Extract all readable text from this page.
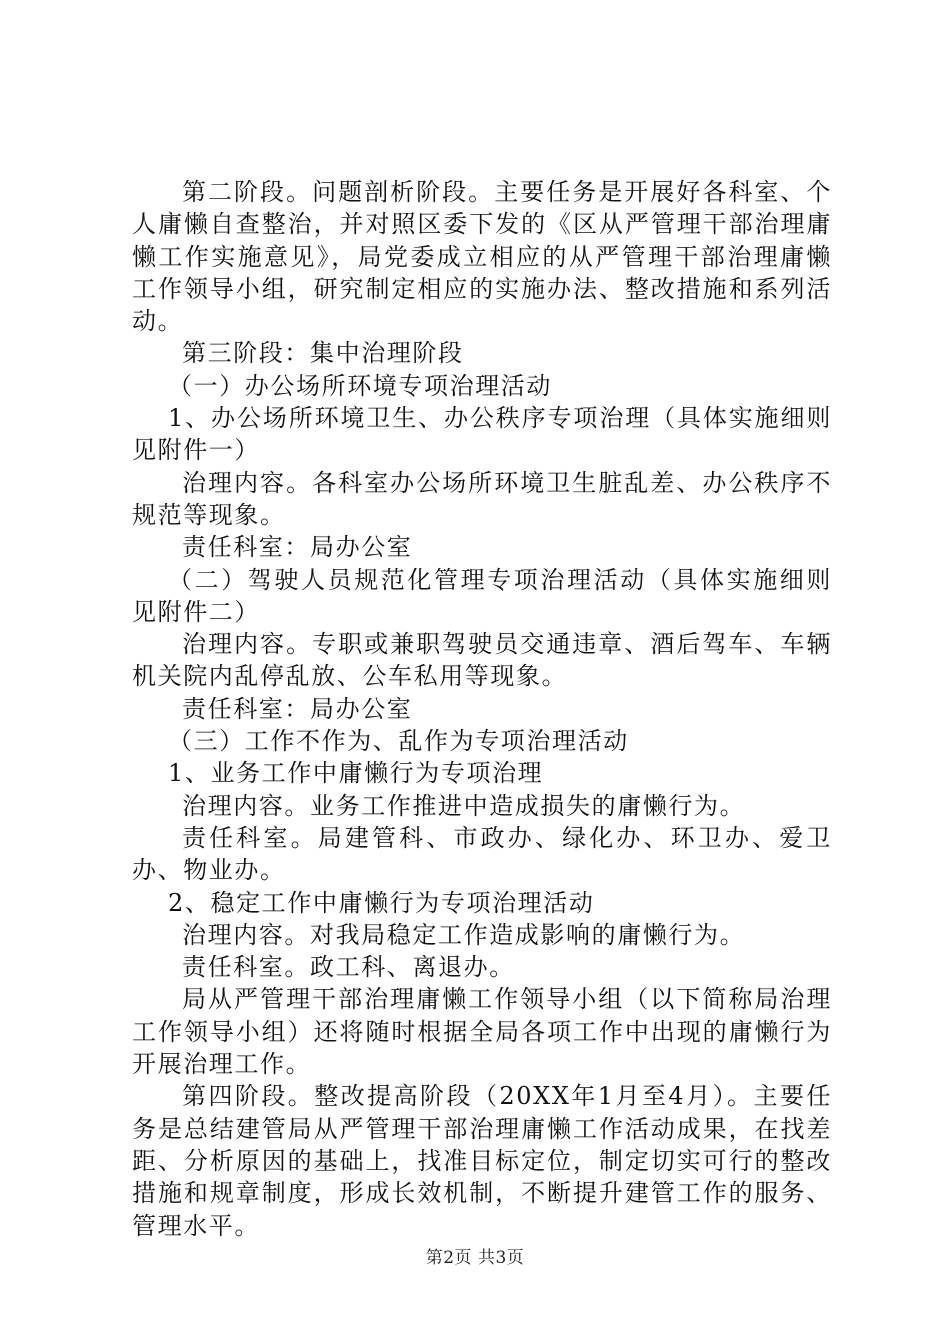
第二阶段。问题剖析阶段。主要任务是开展好各科室、个人庸懒自查整治，并对照区委下发的《区从严管理干部治理庸懒工作实施意见》，局党委成立相应的从严管理干部治理庸懒工作领导小组，研究制定相应的实施办法、整改措施和系列活动。

第三阶段：集中治理阶段

（一）办公场所环境专项治理活动

1、办公场所环境卫生、办公秩序专项治理（具体实施细则见附件一）

治理内容。各科室办公场所环境卫生脏乱差、办公秩序不规范等现象。

责任科室：局办公室

（二）驾驶人员规范化管理专项治理活动（具体实施细则见附件二）

治理内容。专职或兼职驾驶员交通违章、酒后驾车、车辆机关院内乱停乱放、公车私用等现象。

责任科室：局办公室

（三）工作不作为、乱作为专项治理活动

1、业务工作中庸懒行为专项治理

治理内容。业务工作推进中造成损失的庸懒行为。

责任科室。局建管科、市政办、绿化办、环卫办、爱卫办、物业办。

2、稳定工作中庸懒行为专项治理活动

治理内容。对我局稳定工作造成影响的庸懒行为。

责任科室。政工科、离退办。

局从严管理干部治理庸懒工作领导小组（以下简称局治理工作领导小组）还将随时根据全局各项工作中出现的庸懒行为开展治理工作。

第四阶段。整改提高阶段（20XX年1月至4月）。主要任务是总结建管局从严管理干部治理庸懒工作活动成果，在找差距、分析原因的基础上，找准目标定位，制定切实可行的整改措施和规章制度，形成长效机制，不断提升建管工作的服务、管理水平。

第2页 共3页
